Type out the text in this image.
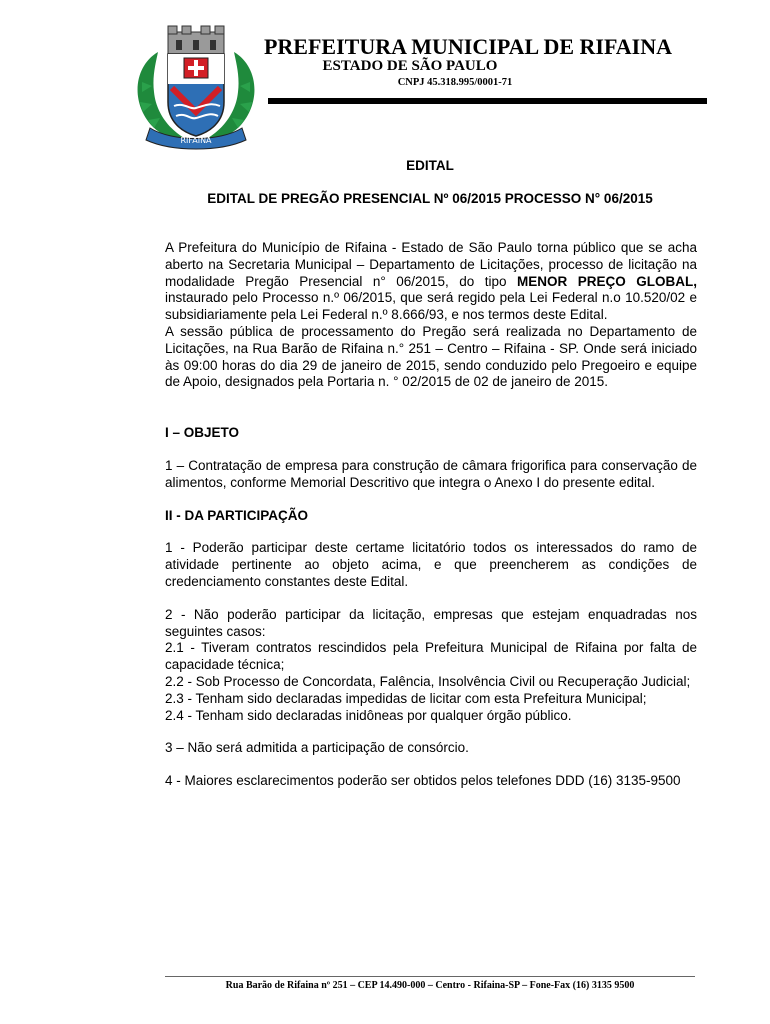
RIFAINA
PREFEITURA MUNICIPAL DE RIFAINA
ESTADO DE SÃO PAULO
CNPJ 45.318.995/0001-71
EDITAL
EDITAL DE PREGÃO PRESENCIAL Nº 06/2015 PROCESSO N° 06/2015

A Prefeitura do Município de Rifaina - Estado de São Paulo torna público que se acha aberto na Secretaria Municipal – Departamento de Licitações, processo de licitação na modalidade Pregão Presencial n° 06/2015, do tipo MENOR PREÇO GLOBAL, instaurado pelo Processo n.º 06/2015, que será regido pela Lei Federal n.o 10.520/02 e subsidiariamente pela Lei Federal n.º 8.666/93, e nos termos deste Edital.

A sessão pública de processamento do Pregão será realizada no Departamento de Licitações, na Rua Barão de Rifaina n.° 251 – Centro – Rifaina - SP. Onde será iniciado às 09:00 horas do dia 29 de janeiro de 2015, sendo conduzido pelo Pregoeiro e equipe de Apoio, designados pela Portaria n. ° 02/2015 de 02 de janeiro de 2015.

I – OBJETO

1 – Contratação de empresa para construção de câmara frigorifica para conservação de alimentos, conforme Memorial Descritivo que integra o Anexo I do presente edital.

II - DA PARTICIPAÇÃO

1 - Poderão participar deste certame licitatório todos os interessados do ramo de atividade pertinente ao objeto acima, e que preencherem as condições de credenciamento constantes deste Edital.

2 - Não poderão participar da licitação, empresas que estejam enquadradas nos seguintes casos:

2.1 - Tiveram contratos rescindidos pela Prefeitura Municipal de Rifaina por falta de capacidade técnica;

2.2 - Sob Processo de Concordata, Falência, Insolvência Civil ou Recuperação Judicial;

2.3 - Tenham sido declaradas impedidas de licitar com esta Prefeitura Municipal;

2.4 - Tenham sido declaradas inidôneas por qualquer órgão público.

3 – Não será admitida a participação de consórcio.

4 - Maiores esclarecimentos poderão ser obtidos pelos telefones DDD (16) 3135-9500

Rua Barão de Rifaina nº 251 – CEP 14.490-000 – Centro - Rifaina-SP – Fone-Fax (16) 3135 9500
